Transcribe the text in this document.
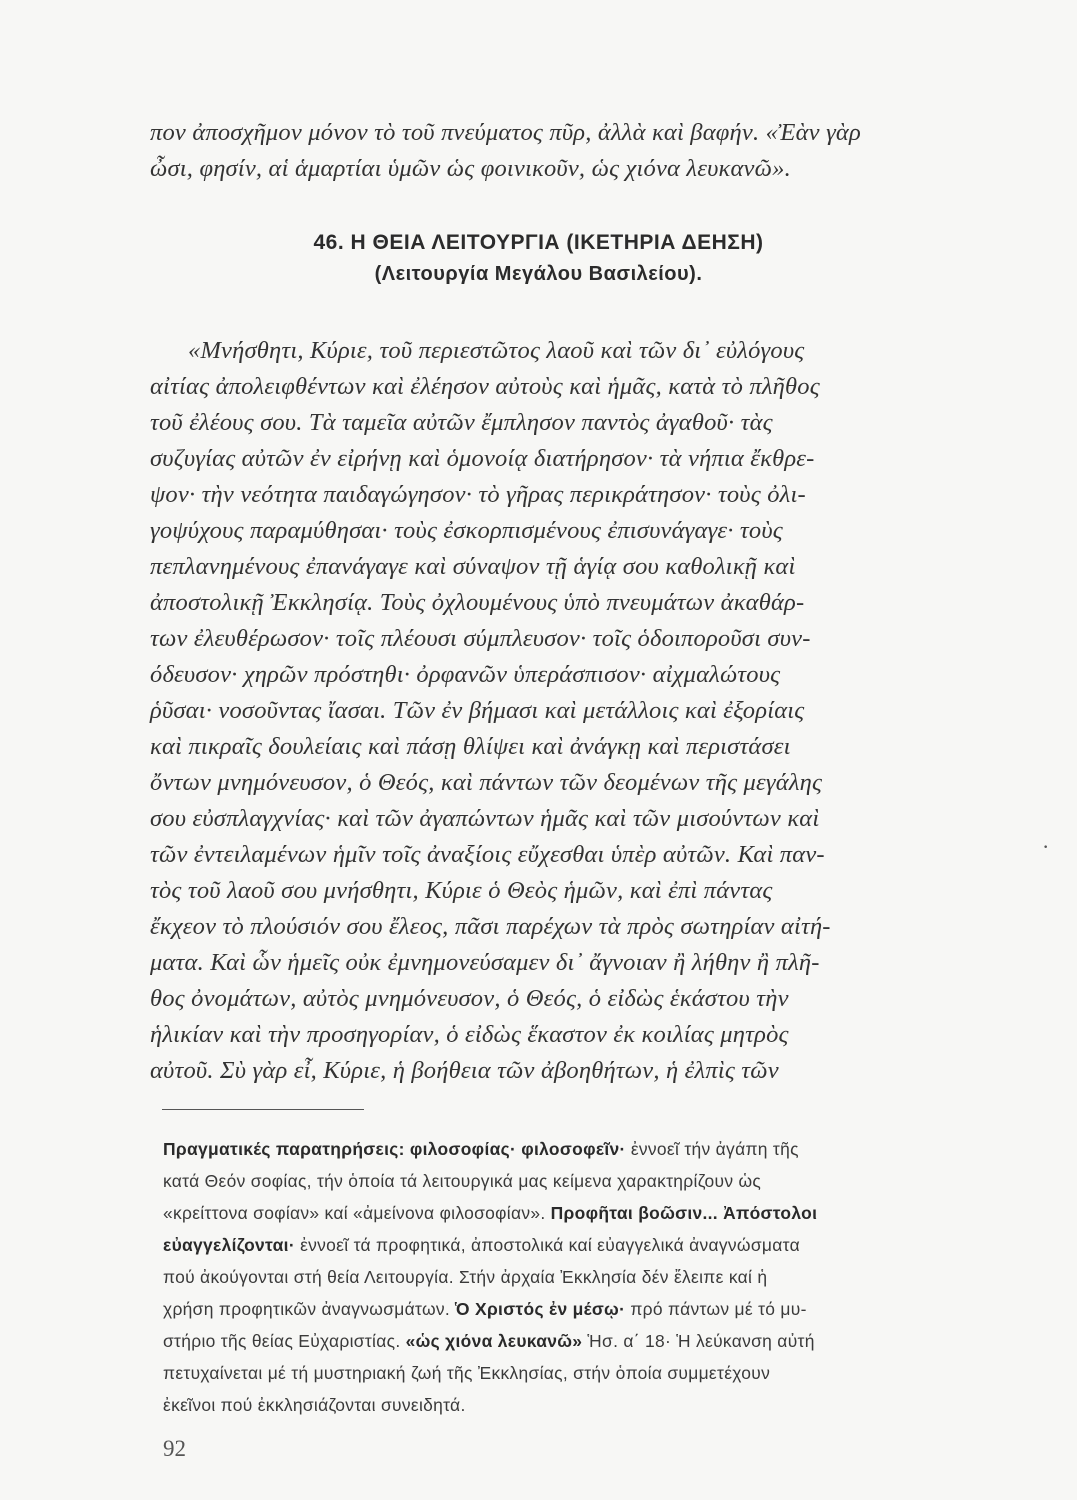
πον ἀποσχῆμον μόνον τὸ τοῦ πνεύματος πῦρ, ἀλλὰ καὶ βαφήν. «Ἐὰν γὰρ
ὦσι, φησίν, αἱ ἁμαρτίαι ὑμῶν ὡς φοινικοῦν, ὡς χιόνα λευκανῶ».
46. Η ΘΕΙΑ ΛΕΙΤΟΥΡΓΙΑ (ΙΚΕΤΗΡΙΑ ΔΕΗΣΗ)
(Λειτουργία Μεγάλου Βασιλείου).
«Μνήσθητι, Κύριε, τοῦ περιεστῶτος λαοῦ καὶ τῶν δι᾽ εὐλόγους
αἰτίας ἀπολειφθέντων καὶ ἐλέησον αὐτοὺς καὶ ἡμᾶς, κατὰ τὸ πλῆθος
τοῦ ἐλέους σου. Τὰ ταμεῖα αὐτῶν ἔμπλησον παντὸς ἀγαθοῦ· τὰς
συζυγίας αὐτῶν ἐν εἰρήνῃ καὶ ὁμονοίᾳ διατήρησον· τὰ νήπια ἔκθρε-
ψον· τὴν νεότητα παιδαγώγησον· τὸ γῆρας περικράτησον· τοὺς ὀλι-
γοψύχους παραμύθησαι· τοὺς ἐσκορπισμένους ἐπισυνάγαγε· τοὺς
πεπλανημένους ἐπανάγαγε καὶ σύναψον τῇ ἁγίᾳ σου καθολικῇ καὶ
ἀποστολικῇ Ἐκκλησίᾳ. Τοὺς ὀχλουμένους ὑπὸ πνευμάτων ἀκαθάρ-
των ἐλευθέρωσον· τοῖς πλέουσι σύμπλευσον· τοῖς ὁδοιποροῦσι συν-
όδευσον· χηρῶν πρόστηθι· ὀρφανῶν ὑπεράσπισον· αἰχμαλώτους
ῥῦσαι· νοσοῦντας ἴασαι. Τῶν ἐν βήμασι καὶ μετάλλοις καὶ ἐξορίαις
καὶ πικραῖς δουλείαις καὶ πάσῃ θλίψει καὶ ἀνάγκῃ καὶ περιστάσει
ὄντων μνημόνευσον, ὁ Θεός, καὶ πάντων τῶν δεομένων τῆς μεγάλης
σου εὐσπλαγχνίας· καὶ τῶν ἀγαπώντων ἡμᾶς καὶ τῶν μισούντων καὶ
τῶν ἐντειλαμένων ἡμῖν τοῖς ἀναξίοις εὔχεσθαι ὑπὲρ αὐτῶν. Καὶ παν-
τὸς τοῦ λαοῦ σου μνήσθητι, Κύριε ὁ Θεὸς ἡμῶν, καὶ ἐπὶ πάντας
ἔκχεον τὸ πλούσιόν σου ἔλεος, πᾶσι παρέχων τὰ πρὸς σωτηρίαν αἰτή-
ματα. Καὶ ὧν ἡμεῖς οὐκ ἐμνημονεύσαμεν δι᾽ ἄγνοιαν ἢ λήθην ἢ πλῆ-
θος ὀνομάτων, αὐτὸς μνημόνευσον, ὁ Θεός, ὁ εἰδὼς ἑκάστου τὴν
ἡλικίαν καὶ τὴν προσηγορίαν, ὁ εἰδὼς ἕκαστον ἐκ κοιλίας μητρὸς
αὐτοῦ. Σὺ γὰρ εἶ, Κύριε, ἡ βοήθεια τῶν ἀβοηθήτων, ἡ ἐλπὶς τῶν
·
Πραγματικές παρατηρήσεις: φιλοσοφίας· φιλοσοφεῖν· ἐννοεῖ τήν ἀγάπη τῆς
κατά Θεόν σοφίας, τήν ὁποία τά λειτουργικά μας κείμενα χαρακτηρίζουν ὡς
«κρείττονα σοφίαν» καί «ἀμείνονα φιλοσοφίαν». Προφῆται βοῶσιν... Ἀπόστολοι
εὐαγγελίζονται· ἐννοεῖ τά προφητικά, ἀποστολικά καί εὐαγγελικά ἀναγνώσματα
πού ἀκούγονται στή θεία Λειτουργία. Στήν ἀρχαία Ἐκκλησία δέν ἔλειπε καί ἡ
χρήση προφητικῶν ἀναγνωσμάτων. Ὁ Χριστός ἐν μέσῳ· πρό πάντων μέ τό μυ-
στήριο τῆς θείας Εὐχαριστίας. «ὡς χιόνα λευκανῶ» Ἡσ. α΄ 18· Ἡ λεύκανση αὐτή
πετυχαίνεται μέ τή μυστηριακή ζωή τῆς Ἐκκλησίας, στήν ὁποία συμμετέχουν
ἐκεῖνοι πού ἐκκλησιάζονται συνειδητά.
92
